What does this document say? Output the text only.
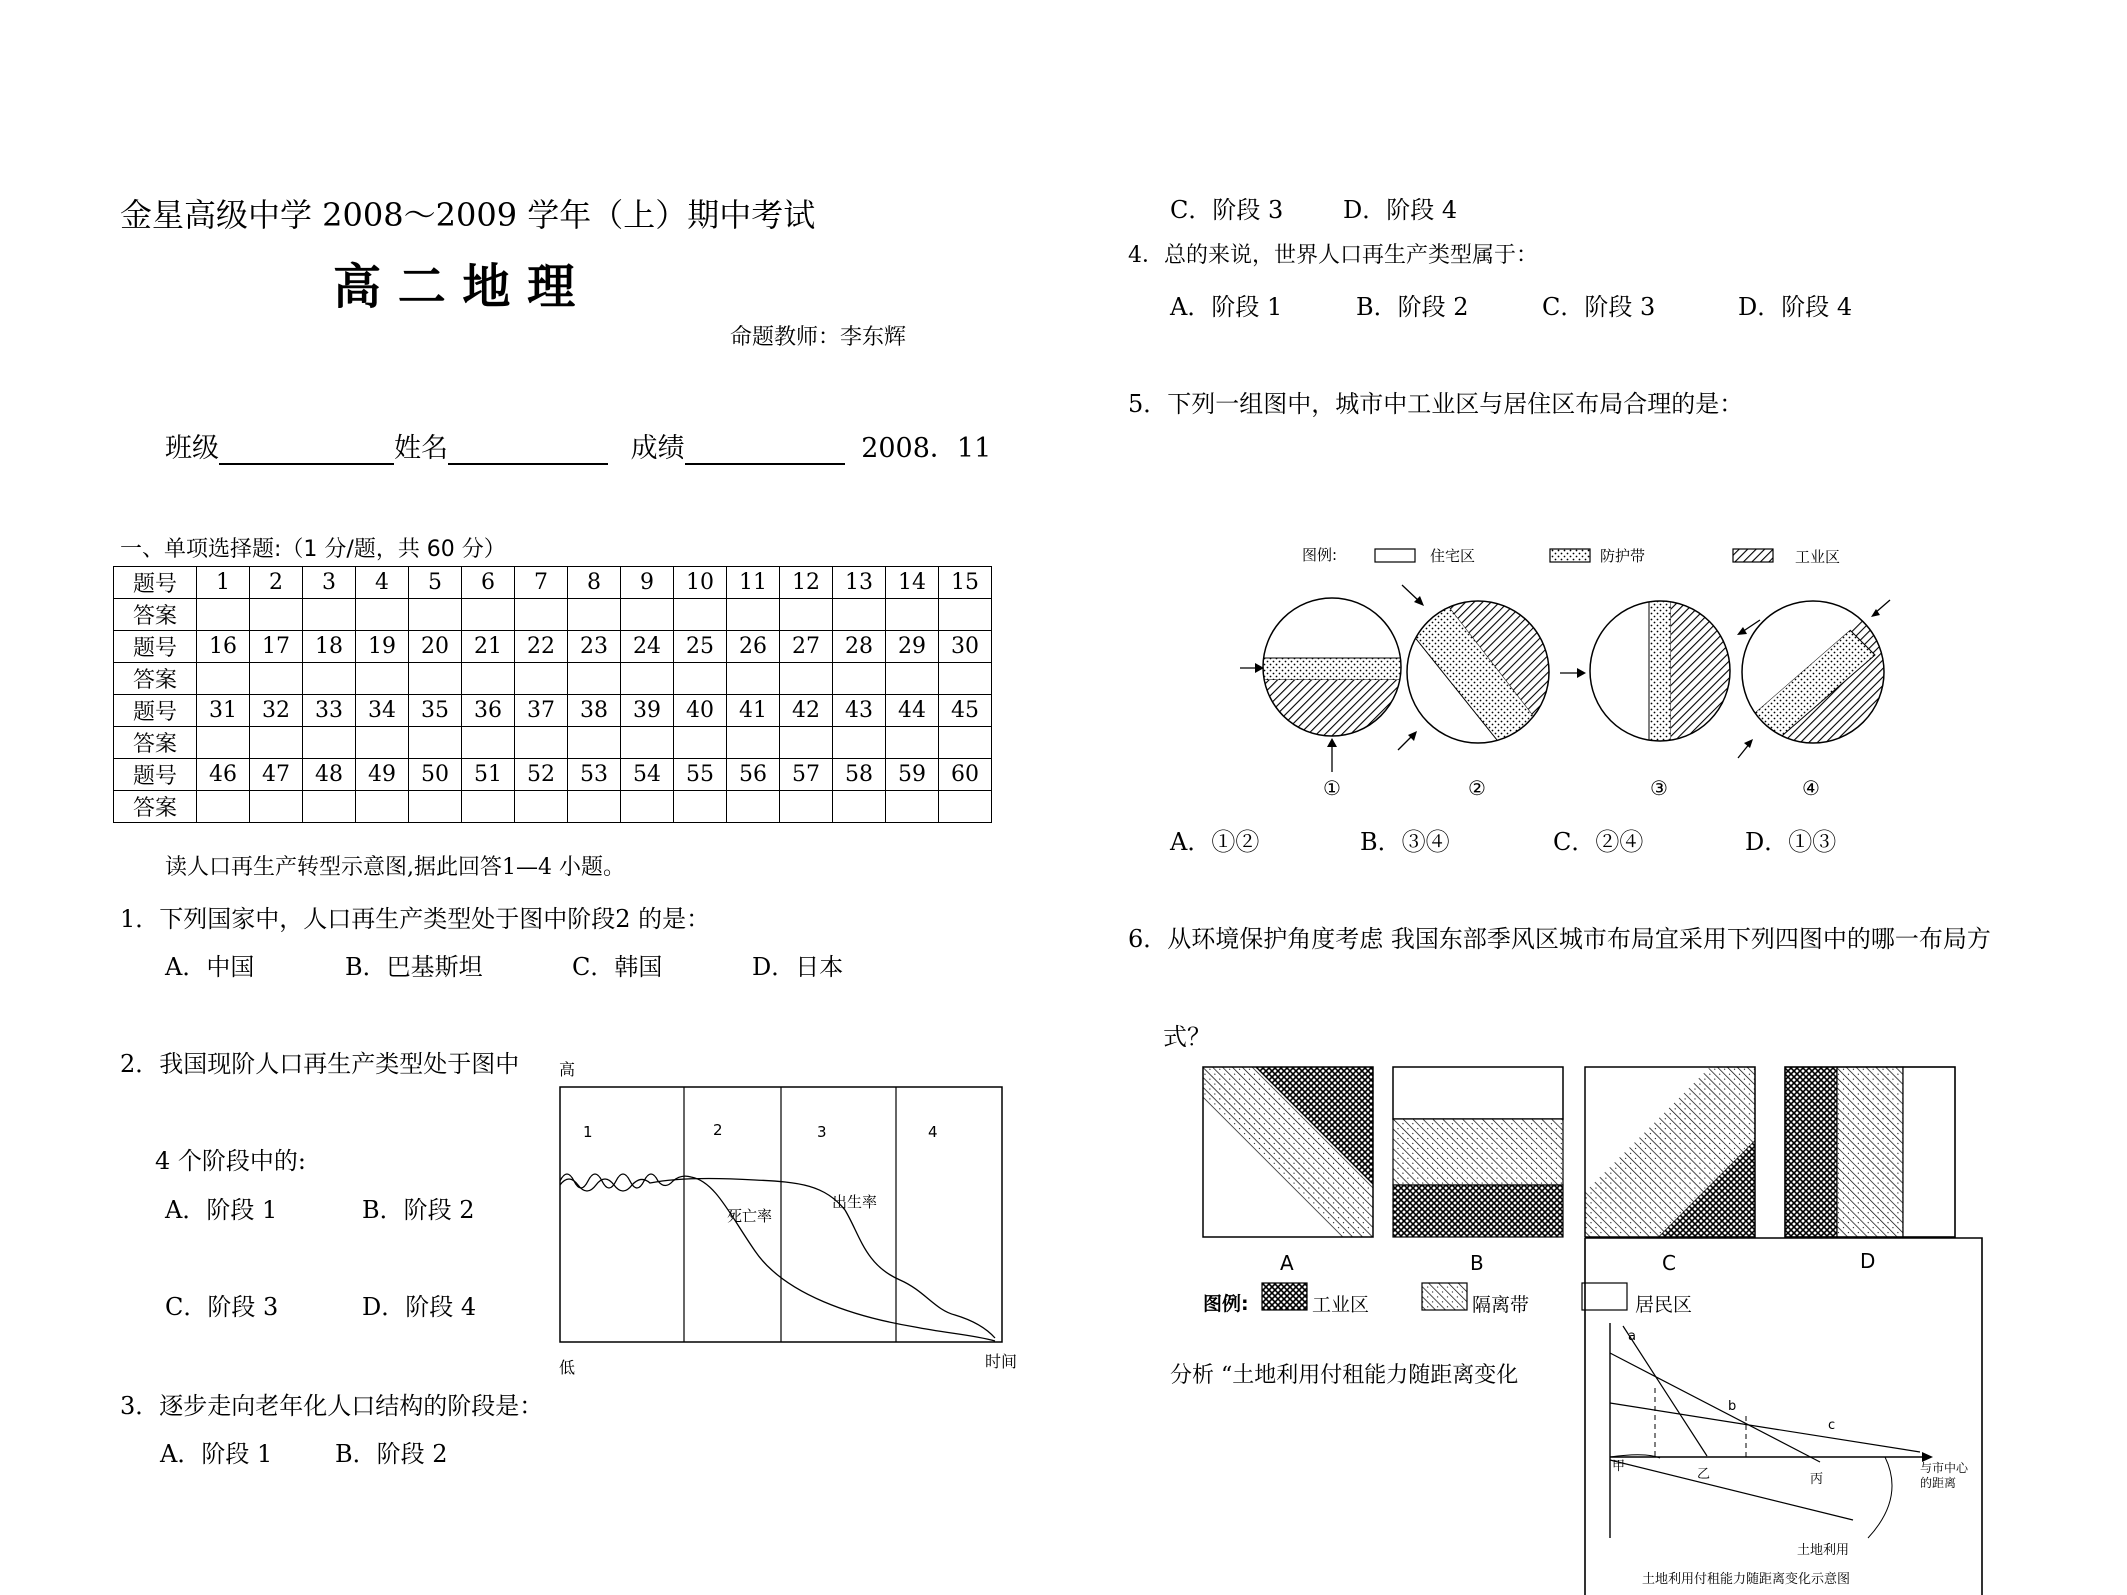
金星高级中学 2008～2009 学年（上）期中考试
高 二 地 理
命题教师：李东辉
班级	姓名	成绩	2008．11
一、单项选择题:（1 分/题，共 60 分）
题号	1	2	3	4	5	6	7	8	9	10	11	12	13	14	15
答案															
题号	16	17	18	19	20	21	22	23	24	25	26	27	28	29	30
答案															
题号	31	32	33	34	35	36	37	38	39	40	41	42	43	44	45
答案															
题号	46	47	48	49	50	51	52	53	54	55	56	57	58	59	60
答案															
读人口再生产转型示意图,据此回答1—4 小题。
1．下列国家中，人口再生产类型处于图中阶段2 的是：
A．中国	B．巴基斯坦	C．韩国	D．日本
2．我国现阶人口再生产类型处于图中
4 个阶段中的:
A．阶段 1	B．阶段 2
C．阶段 3	D．阶段 4
高
低	时间
1	2	3	4
死亡率
出生率
3．逐步走向老年化人口结构的阶段是：
A．阶段 1	B．阶段 2
C．阶段 3 D．阶段 4
4．总的来说，世界人口再生产类型属于：
A．阶段 1	B．阶段 2	C．阶段 3	D．阶段 4
5．下列一组图中，城市中工业区与居住区布局合理的是：
图例:	住宅区	防护带	工业区
①	②	③	④
A．①②	B．③④	C．②④	D．①③
6．从环境保护角度考虑 我国东部季风区城市布局宜采用下列四图中的哪一布局方
式？
A	B	C	D
图例:	工业区	隔离带	居民区
分析 “土地利用付租能力随距离变化
a
b
c
甲
乙	丙
与市中心
的距离
土地利用
土地利用付租能力随距离变化示意图
